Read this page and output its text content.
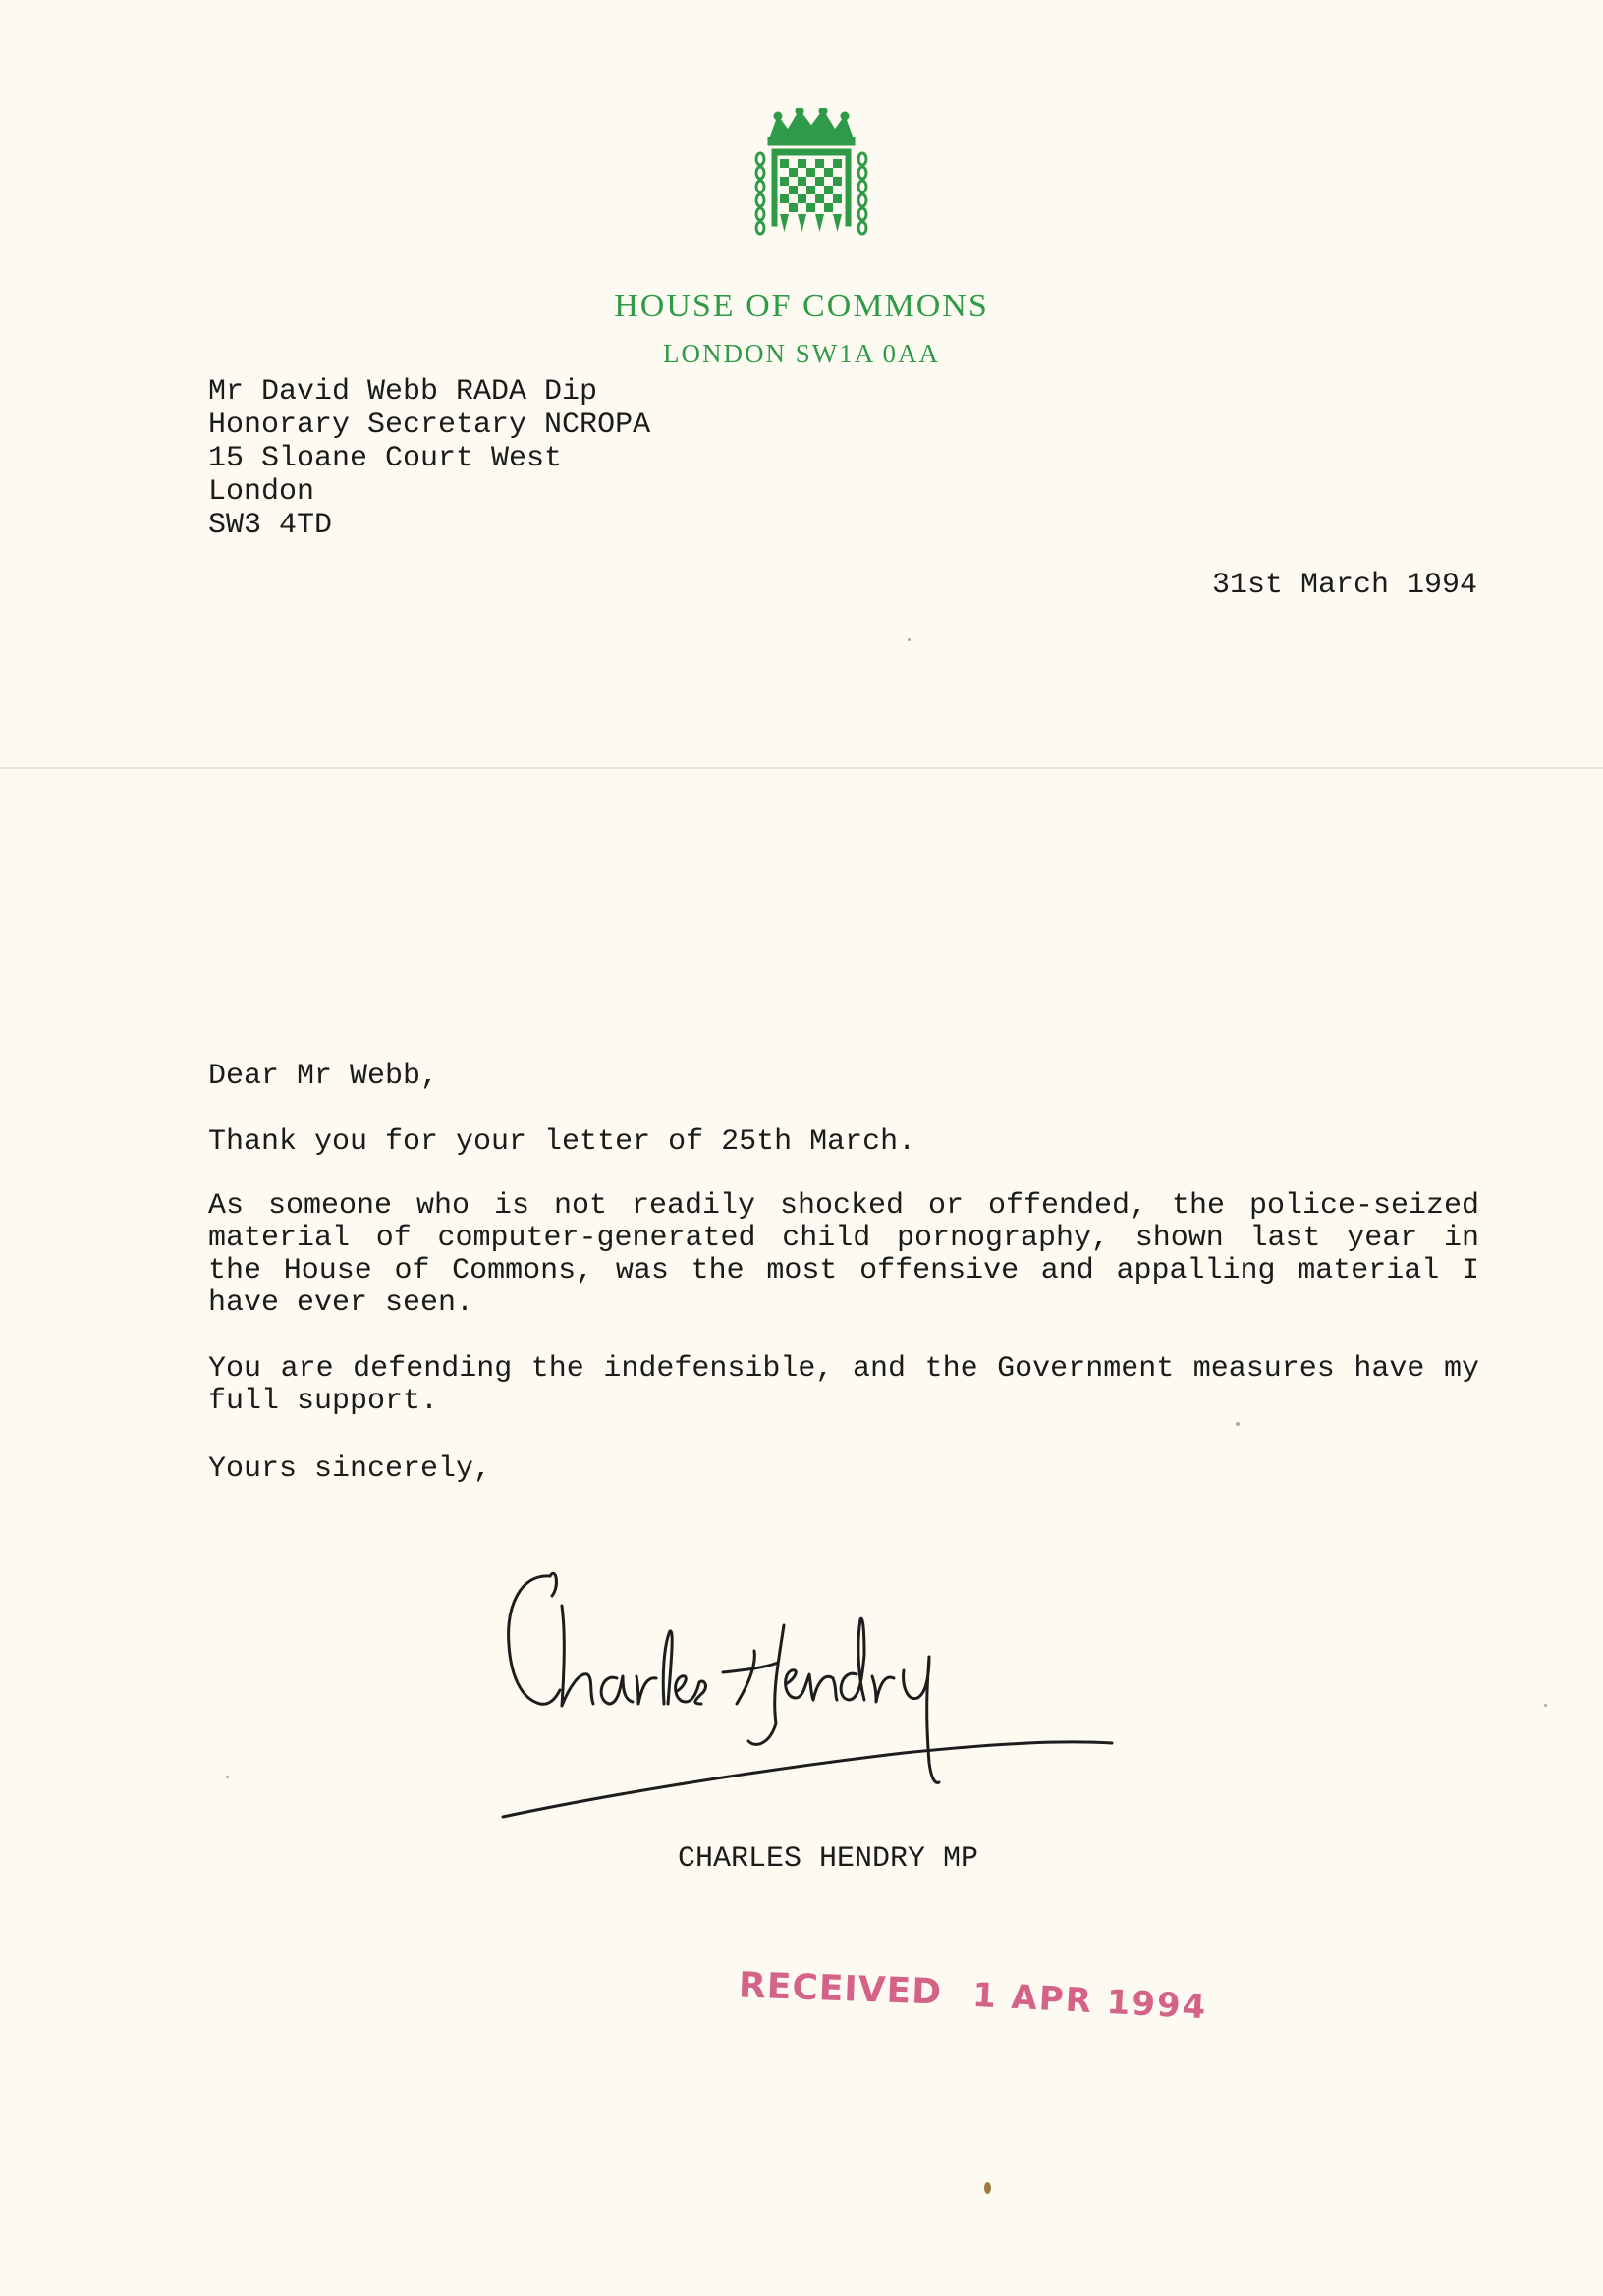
HOUSE OF COMMONS
LONDON SW1A 0AA
Mr David Webb RADA Dip
Honorary Secretary NCROPA
15 Sloane Court West
London
SW3 4TD
31st March 1994
Dear Mr Webb,
Thank you for your letter of 25th March.
As someone who is not readily shocked or offended, the police-seized material of computer-generated child pornography, shown last year in the House of Commons, was the most offensive and appalling material I have ever seen.
You are defending the indefensible, and the Government measures have my full support.
Yours sincerely,
CHARLES HENDRY MP
RECEIVED 1 APR 1994
